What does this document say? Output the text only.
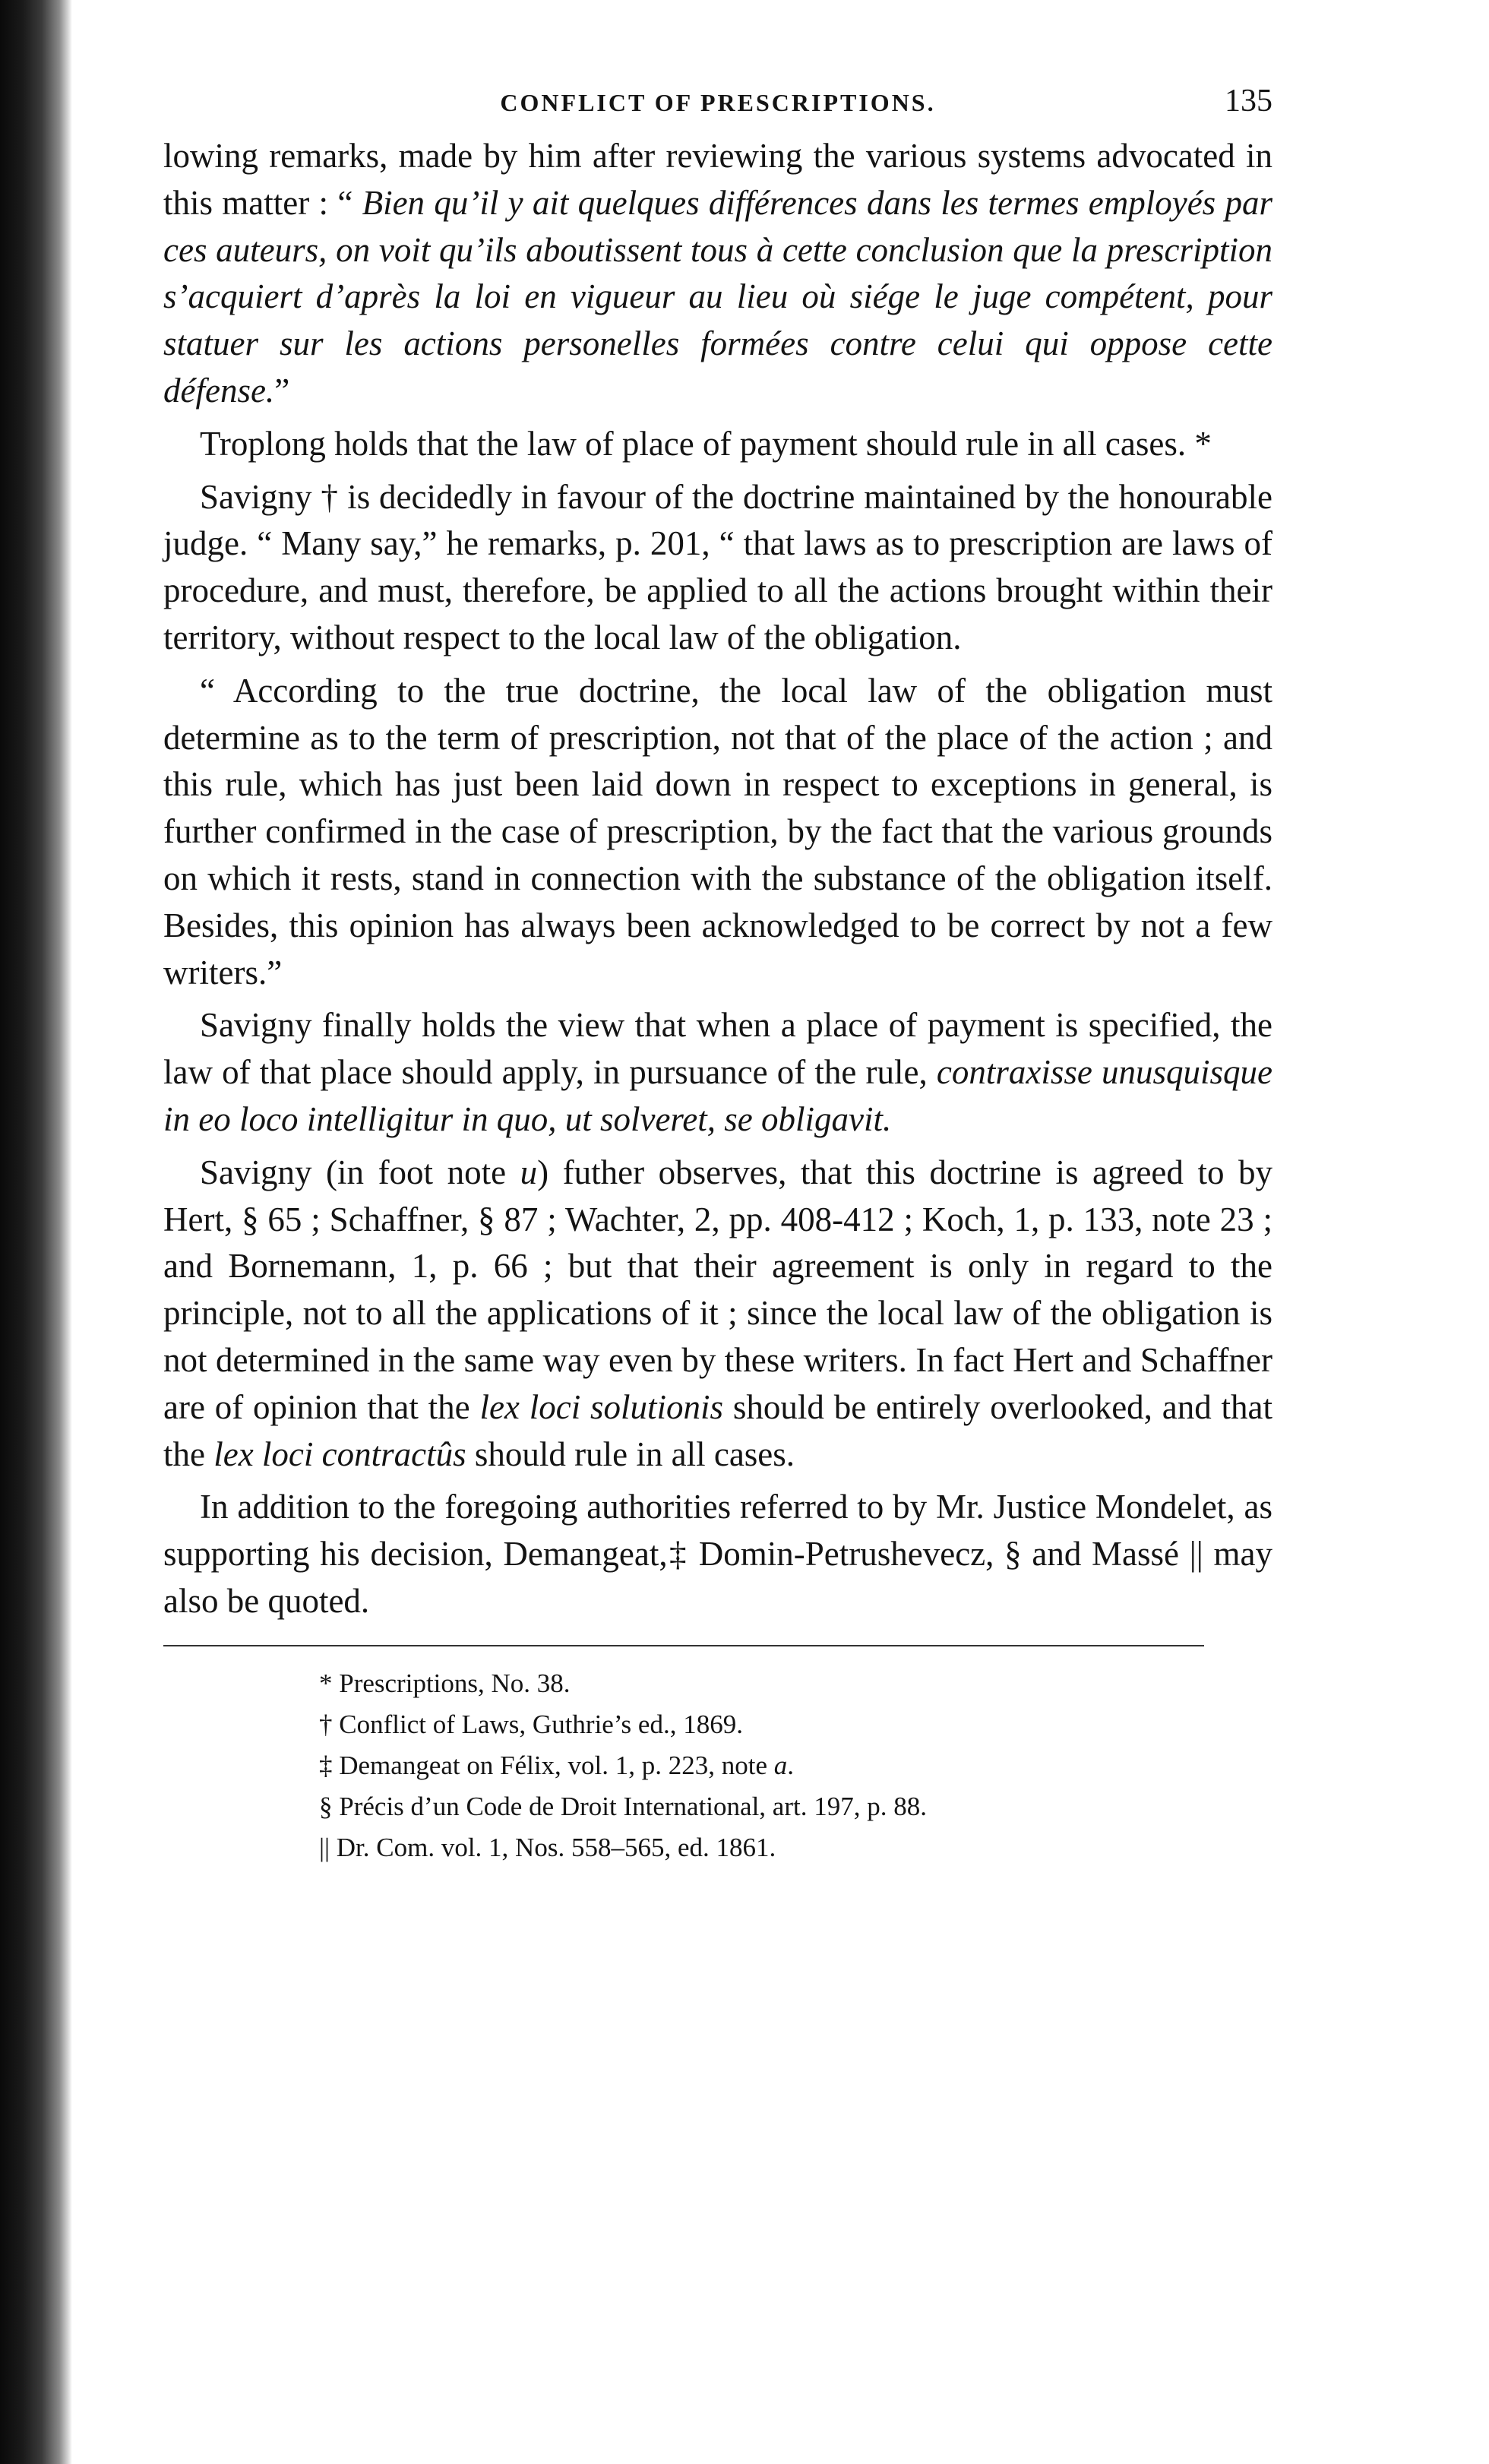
CONFLICT OF PRESCRIPTIONS.	135

lowing remarks, made by him after reviewing the various systems advocated in this matter : “ Bien qu’il y ait quelques différences dans les termes employés par ces auteurs, on voit qu’ils aboutissent tous à cette conclusion que la prescription s’acquiert d’après la loi en vigueur au lieu où siége le juge compétent, pour statuer sur les actions personelles formées contre celui qui oppose cette défense.”

Troplong holds that the law of place of payment should rule in all cases. *

Savigny † is decidedly in favour of the doctrine maintained by the honourable judge. “ Many say,” he remarks, p. 201, “ that laws as to prescription are laws of procedure, and must, therefore, be applied to all the actions brought within their territory, without respect to the local law of the obligation.

“ According to the true doctrine, the local law of the obligation must determine as to the term of prescription, not that of the place of the action ; and this rule, which has just been laid down in respect to exceptions in general, is further confirmed in the case of prescription, by the fact that the various grounds on which it rests, stand in connection with the substance of the obligation itself. Besides, this opinion has always been acknowledged to be correct by not a few writers.”

Savigny finally holds the view that when a place of payment is specified, the law of that place should apply, in pursuance of the rule, contraxisse unusquisque in eo loco intelligitur in quo, ut solveret, se obligavit.

Savigny (in foot note u) futher observes, that this doctrine is agreed to by Hert, § 65 ; Schaffner, § 87 ; Wachter, 2, pp. 408-412 ; Koch, 1, p. 133, note 23 ; and Bornemann, 1, p. 66 ; but that their agreement is only in regard to the principle, not to all the applications of it ; since the local law of the obligation is not determined in the same way even by these writers. In fact Hert and Schaffner are of opinion that the lex loci solutionis should be entirely overlooked, and that the lex loci contractûs should rule in all cases.

In addition to the foregoing authorities referred to by Mr. Justice Mondelet, as supporting his decision, Demangeat,‡ Domin-Petrushevecz, § and Massé || may also be quoted.

* Prescriptions, No. 38.
† Conflict of Laws, Guthrie’s ed., 1869.
‡ Demangeat on Félix, vol. 1, p. 223, note a.
§ Précis d’un Code de Droit International, art. 197, p. 88.
|| Dr. Com. vol. 1, Nos. 558–565, ed. 1861.
